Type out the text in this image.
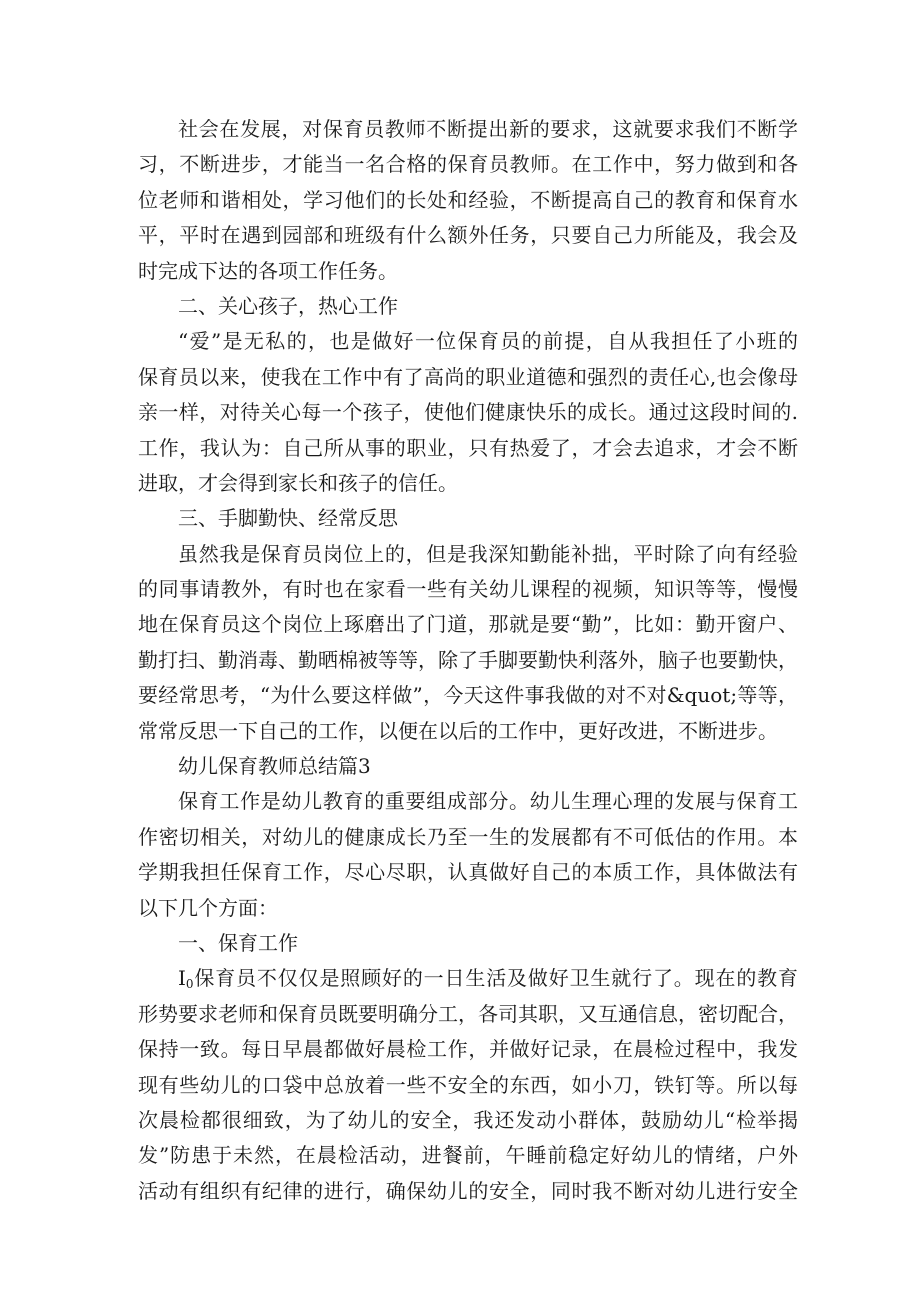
社会在发展，对保育员教师不断提出新的要求，这就要求我们不断学
习，不断进步，才能当一名合格的保育员教师。在工作中，努力做到和各
位老师和谐相处，学习他们的长处和经验，不断提高自己的教育和保育水
平，平时在遇到园部和班级有什么额外任务，只要自己力所能及，我会及
时完成下达的各项工作任务。
二、关心孩子，热心工作
“爱”是无私的，也是做好一位保育员的前提，自从我担任了小班的
保育员以来，使我在工作中有了高尚的职业道德和强烈的责任心,也会像母
亲一样，对待关心每一个孩子，使他们健康快乐的成长。通过这段时间的.
工作，我认为：自己所从事的职业，只有热爱了，才会去追求，才会不断
进取，才会得到家长和孩子的信任。
三、手脚勤快、经常反思
虽然我是保育员岗位上的，但是我深知勤能补拙，平时除了向有经验
的同事请教外，有时也在家看一些有关幼儿课程的视频，知识等等，慢慢
地在保育员这个岗位上琢磨出了门道，那就是要“勤”，比如：勤开窗户、
勤打扫、勤消毒、勤晒棉被等等，除了手脚要勤快利落外，脑子也要勤快，
要经常思考，“为什么要这样做”，今天这件事我做的对不对&quot;等等，
常常反思一下自己的工作，以便在以后的工作中，更好改进，不断进步。
幼儿保育教师总结篇3
保育工作是幼儿教育的重要组成部分。幼儿生理心理的发展与保育工
作密切相关，对幼儿的健康成长乃至一生的发展都有不可低估的作用。本
学期我担任保育工作，尽心尽职，认真做好自己的本质工作，具体做法有
以下几个方面：
一、保育工作
$I_0$保育员不仅仅是照顾好的一日生活及做好卫生就行了。现在的教育
形势要求老师和保育员既要明确分工，各司其职，又互通信息，密切配合，
保持一致。每日早晨都做好晨检工作，并做好记录，在晨检过程中，我发
现有些幼儿的口袋中总放着一些不安全的东西，如小刀，铁钉等。所以每
次晨检都很细致，为了幼儿的安全，我还发动小群体，鼓励幼儿“检举揭
发”防患于未然，在晨检活动，进餐前，午睡前稳定好幼儿的情绪，户外
活动有组织有纪律的进行，确保幼儿的安全，同时我不断对幼儿进行安全
